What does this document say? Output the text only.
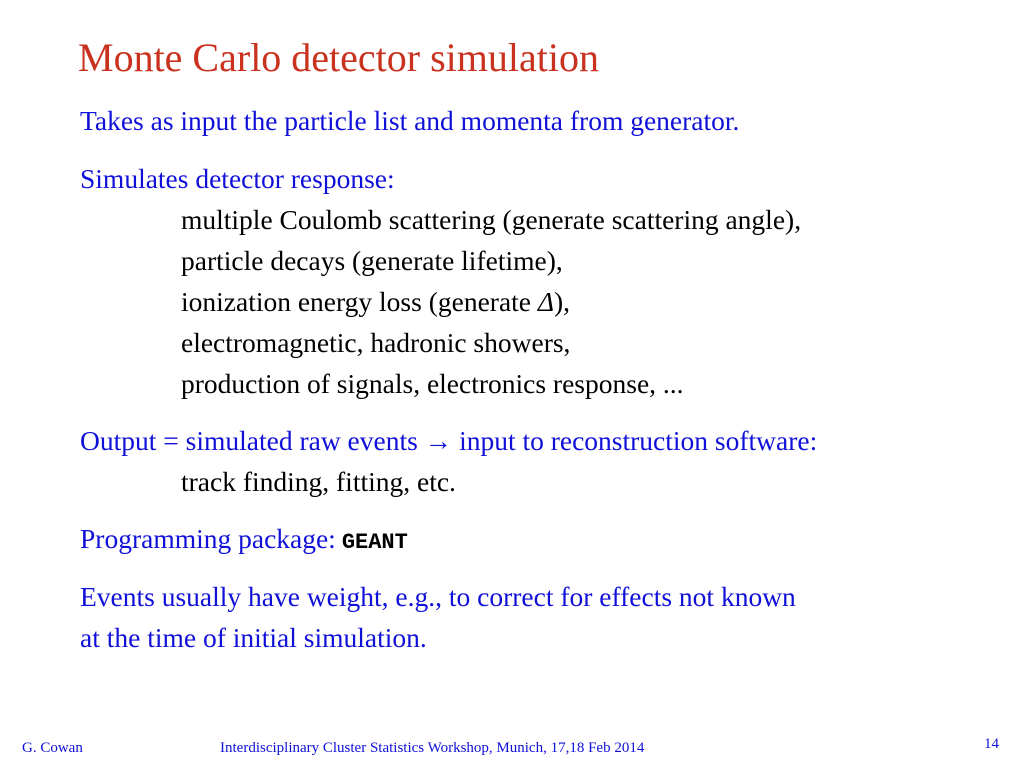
Monte Carlo detector simulation
Takes as input the particle list and momenta from generator.
Simulates detector response:
multiple Coulomb scattering (generate scattering angle),
particle decays (generate lifetime),
ionization energy loss (generate Δ),
electromagnetic, hadronic showers,
production of signals, electronics response, ...
Output = simulated raw events → input to reconstruction software:
track finding, fitting, etc.
Programming package: GEANT
Events usually have weight, e.g., to correct for effects not known
at the time of initial simulation.
G. Cowan	Interdisciplinary Cluster Statistics Workshop, Munich, 17,18 Feb 2014	14
